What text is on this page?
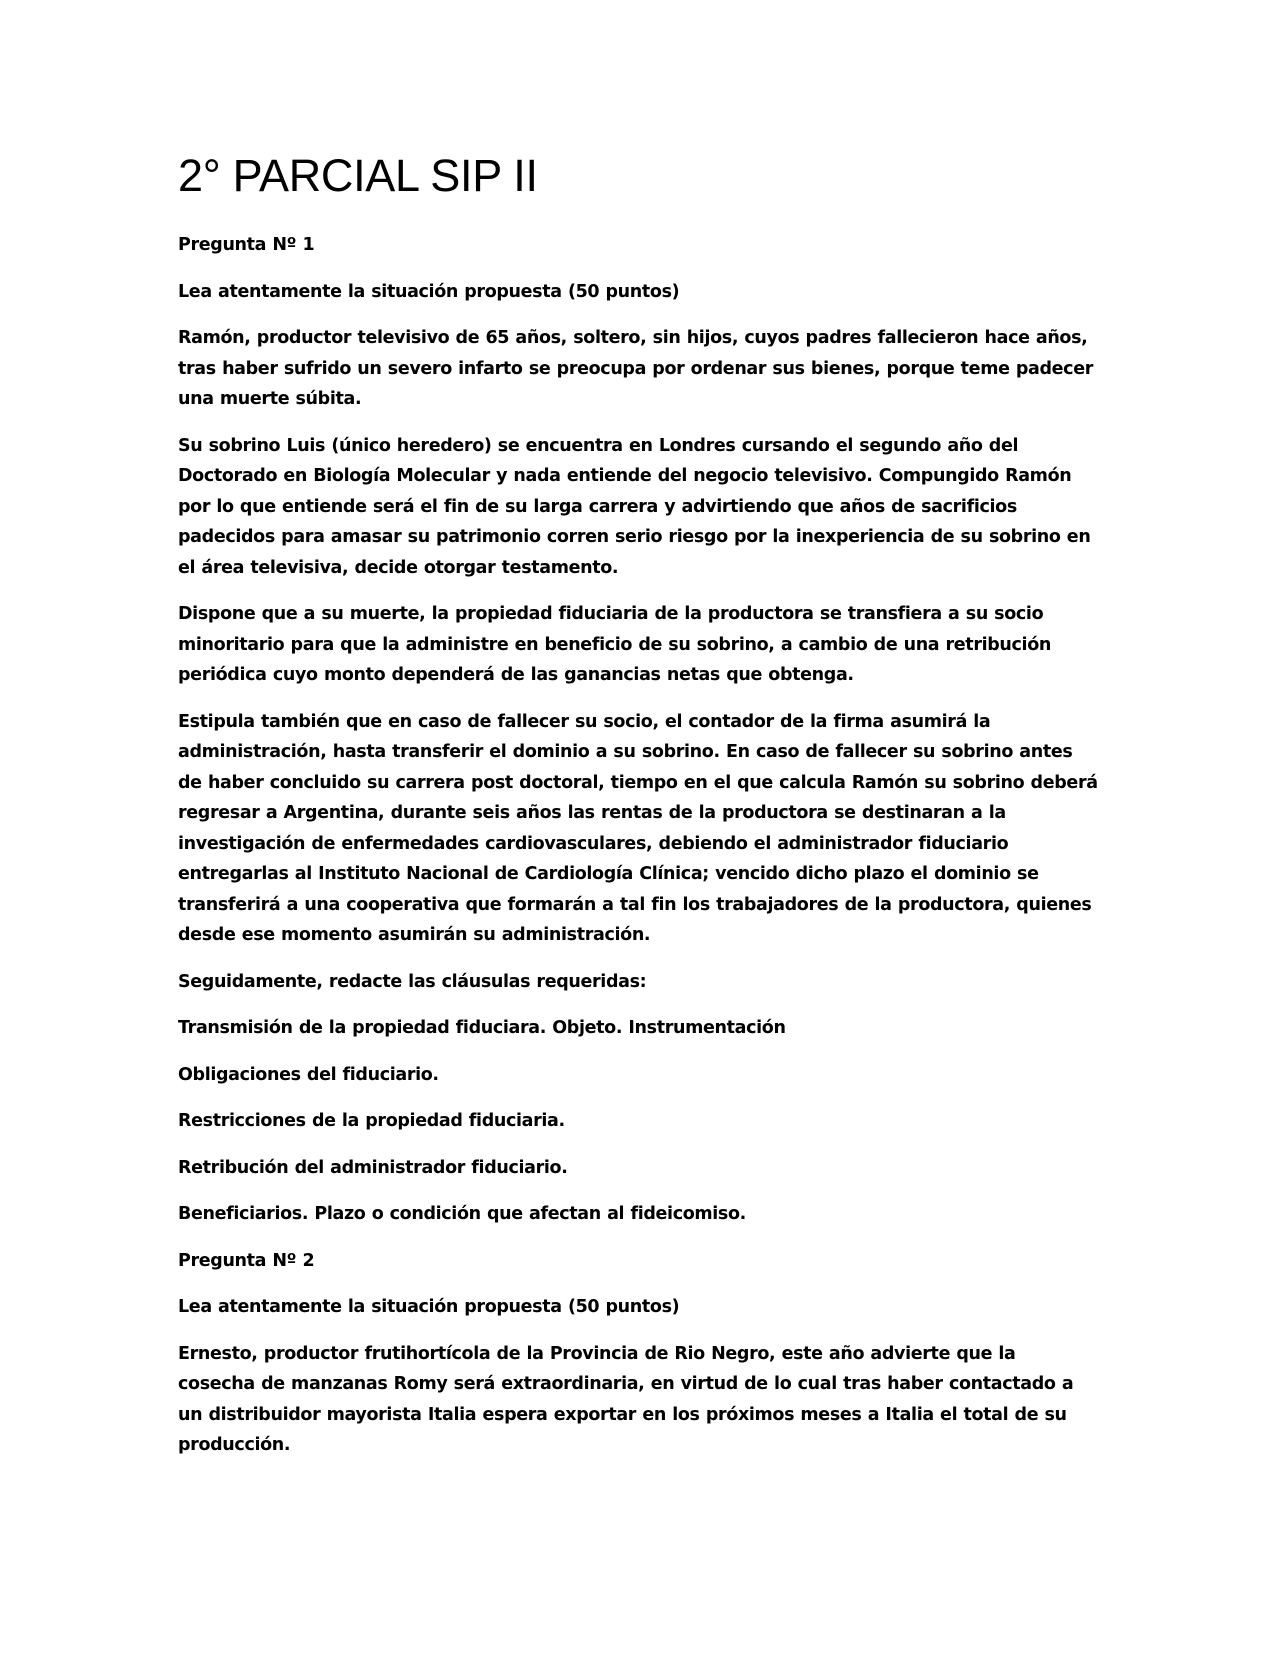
2° PARCIAL SIP II

Pregunta Nº 1

Lea atentamente la situación propuesta (50 puntos)

Ramón, productor televisivo de 65 años, soltero, sin hijos, cuyos padres fallecieron hace años, tras haber sufrido un severo infarto se preocupa por ordenar sus bienes, porque teme padecer una muerte súbita.

Su sobrino Luis (único heredero) se encuentra en Londres cursando el segundo año del Doctorado en Biología Molecular y nada entiende del negocio televisivo. Compungido Ramón por lo que entiende será el fin de su larga carrera y advirtiendo que años de sacrificios padecidos para amasar su patrimonio corren serio riesgo por la inexperiencia de su sobrino en el área televisiva, decide otorgar testamento.

Dispone que a su muerte, la propiedad fiduciaria de la productora se transfiera a su socio minoritario para que la administre en beneficio de su sobrino, a cambio de una retribución periódica cuyo monto dependerá de las ganancias netas que obtenga.

Estipula también que en caso de fallecer su socio, el contador de la firma asumirá la administración, hasta transferir el dominio a su sobrino. En caso de fallecer su sobrino antes de haber concluido su carrera post doctoral, tiempo en el que calcula Ramón su sobrino deberá regresar a Argentina, durante seis años las rentas de la productora se destinaran a la investigación de enfermedades cardiovasculares, debiendo el administrador fiduciario entregarlas al Instituto Nacional de Cardiología Clínica; vencido dicho plazo el dominio se transferirá a una cooperativa que formarán a tal fin los trabajadores de la productora, quienes desde ese momento asumirán su administración.

Seguidamente, redacte las cláusulas requeridas:

Transmisión de la propiedad fiduciara. Objeto. Instrumentación

Obligaciones del fiduciario.

Restricciones de la propiedad fiduciaria.

Retribución del administrador fiduciario.

Beneficiarios. Plazo o condición que afectan al fideicomiso.

Pregunta Nº 2

Lea atentamente la situación propuesta (50 puntos)

Ernesto, productor frutihortícola de la Provincia de Rio Negro, este año advierte que la cosecha de manzanas Romy será extraordinaria, en virtud de lo cual tras haber contactado a un distribuidor mayorista Italia espera exportar en los próximos meses a Italia el total de su producción.
